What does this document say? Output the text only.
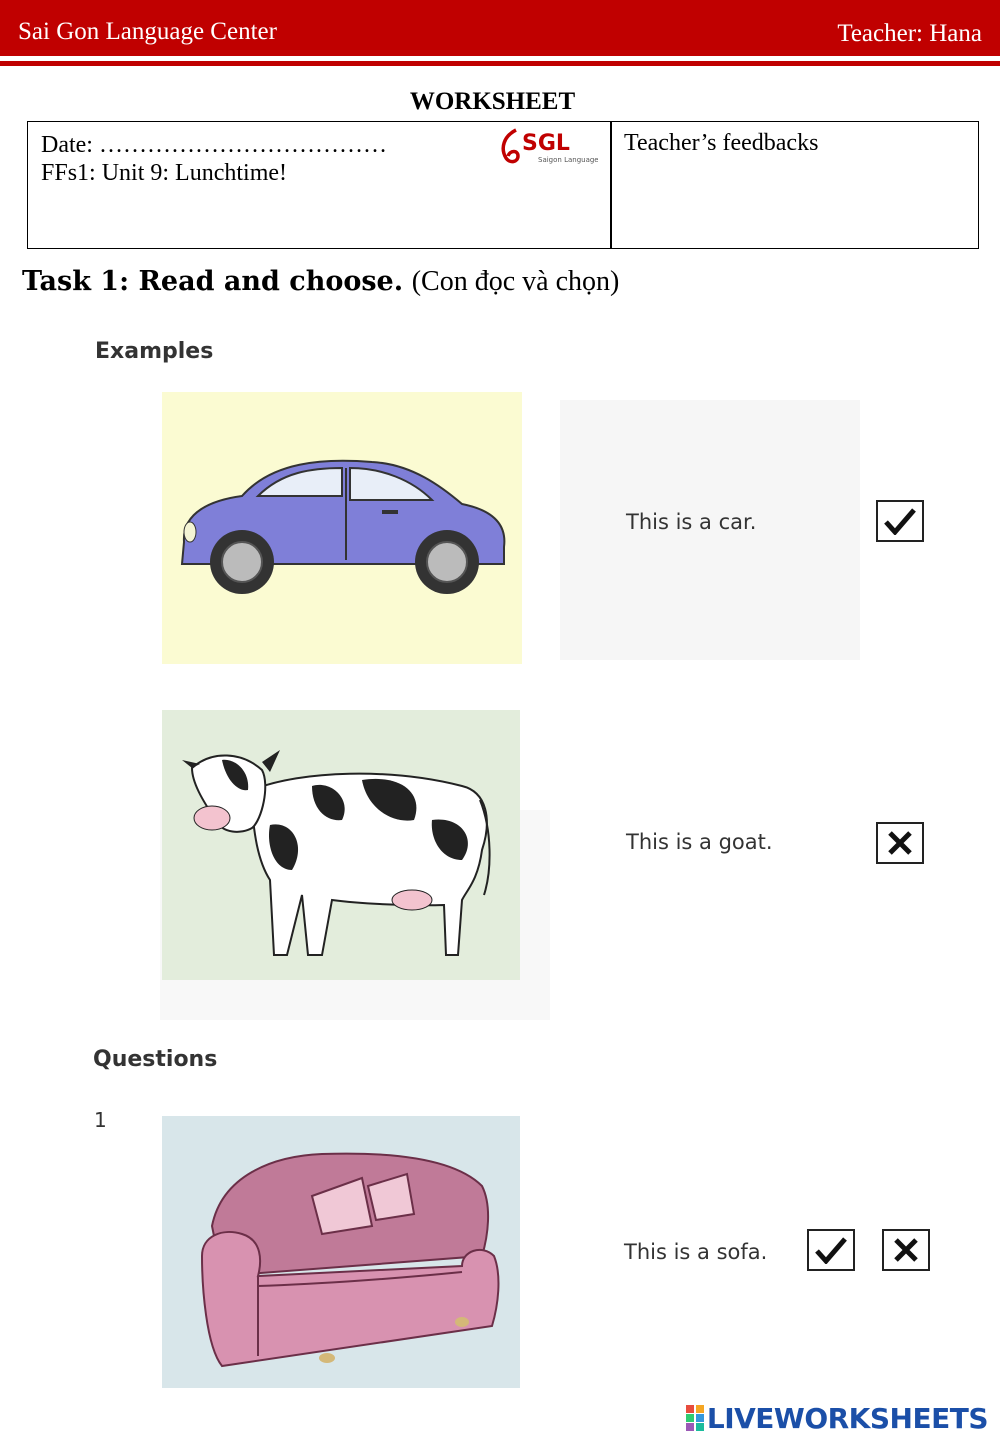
Sai Gon Language Center	Teacher: Hana
WORKSHEET
Date: ………………………………
FFs1: Unit 9: Lunchtime!
SGL
Saigon Language
Teacher’s feedbacks
Task 1: Read and choose. (Con đọc và chọn)
Examples
This is a car.
This is a goat.
Questions
1
This is a sofa.
LIVEWORKSHEETS
